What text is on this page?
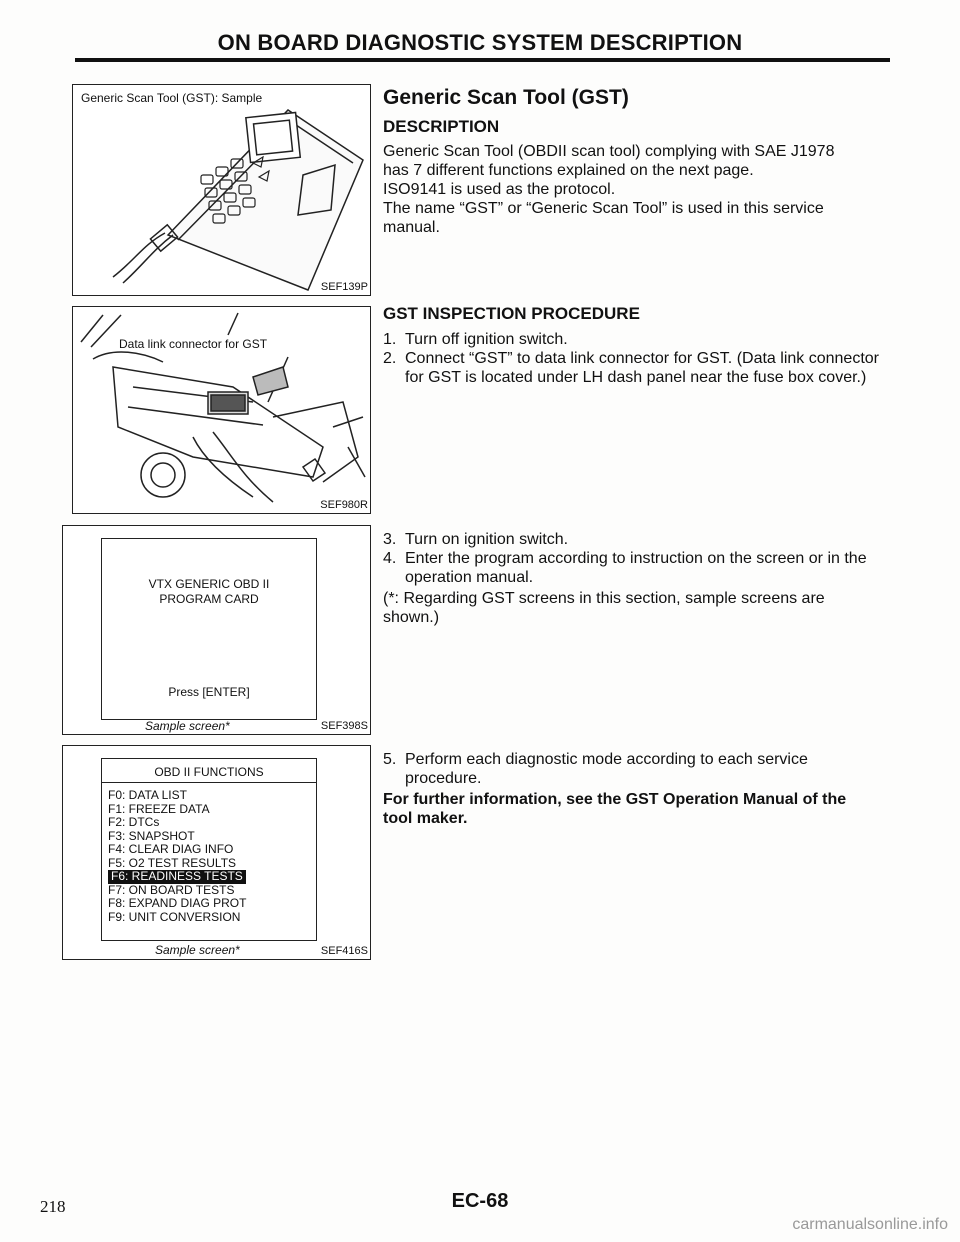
ON BOARD DIAGNOSTIC SYSTEM DESCRIPTION
Generic Scan Tool (GST): Sample
SEF139P
Data link connector for GST
SEF980R
VTX GENERIC OBD II
PROGRAM CARD
Press [ENTER]
Sample screen*	SEF398S
OBD II FUNCTIONS
F0: DATA LIST
F1: FREEZE DATA
F2: DTCs
F3: SNAPSHOT
F4: CLEAR DIAG INFO
F5: O2 TEST RESULTS
F6: READINESS TESTS
F7: ON BOARD TESTS
F8: EXPAND DIAG PROT
F9: UNIT CONVERSION
Sample screen*	SEF416S
Generic Scan Tool (GST)
DESCRIPTION
Generic Scan Tool (OBDII scan tool) complying with SAE J1978
has 7 different functions explained on the next page.
ISO9141 is used as the protocol.
The name “GST” or “Generic Scan Tool” is used in this service
manual.
GST INSPECTION PROCEDURE
1. Turn off ignition switch.
2. Connect “GST” to data link connector for GST. (Data link connector for GST is located under LH dash panel near the fuse box cover.)
3. Turn on ignition switch.
4. Enter the program according to instruction on the screen or in the operation manual.
(*: Regarding GST screens in this section, sample screens are shown.)
5. Perform each diagnostic mode according to each service procedure.
For further information, see the GST Operation Manual of the tool maker.
218	EC-68
carmanualsonline.info
